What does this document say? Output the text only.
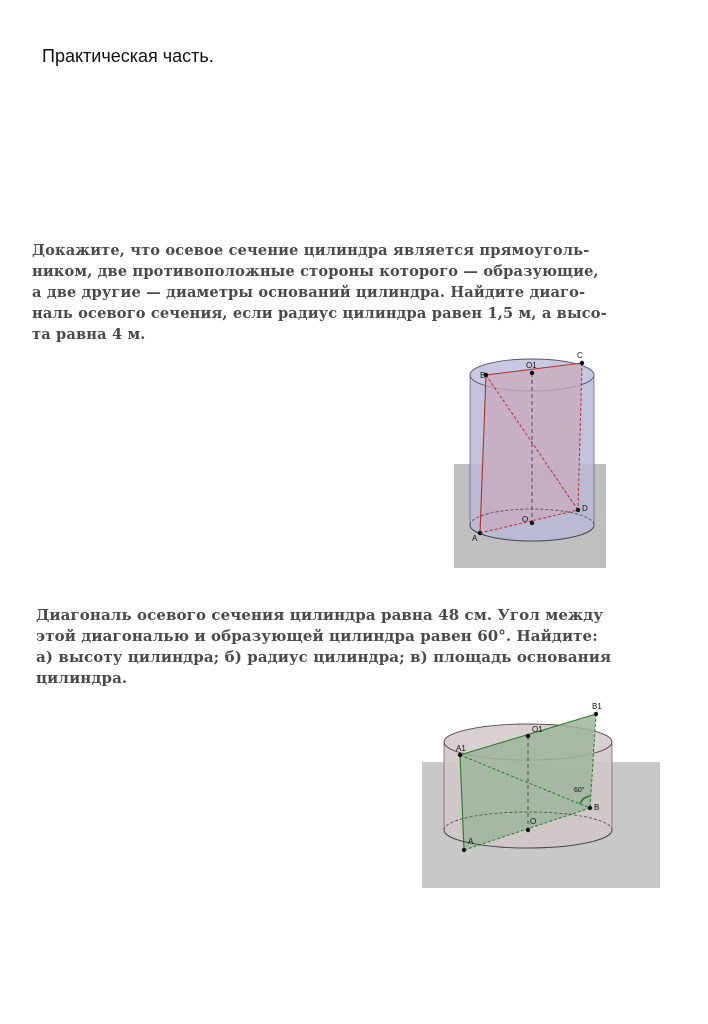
Практическая часть.

Докажите, что осевое сечение цилиндра является прямоуголь-
ником, две противоположные стороны которого — образующие,
а две другие — диаметры оснований цилиндра. Найдите диаго-
наль осевого сечения, если радиус цилиндра равен 1,5 м, а высо-
та равна 4 м.

B
O1
C
D
O
A

Диагональ осевого сечения цилиндра равна 48 см. Угол между
этой диагональю и образующей цилиндра равен 60°. Найдите:
а) высоту цилиндра; б) радиус цилиндра; в) площадь основания
цилиндра.

A1
O1
B1
60°
B
O
A
